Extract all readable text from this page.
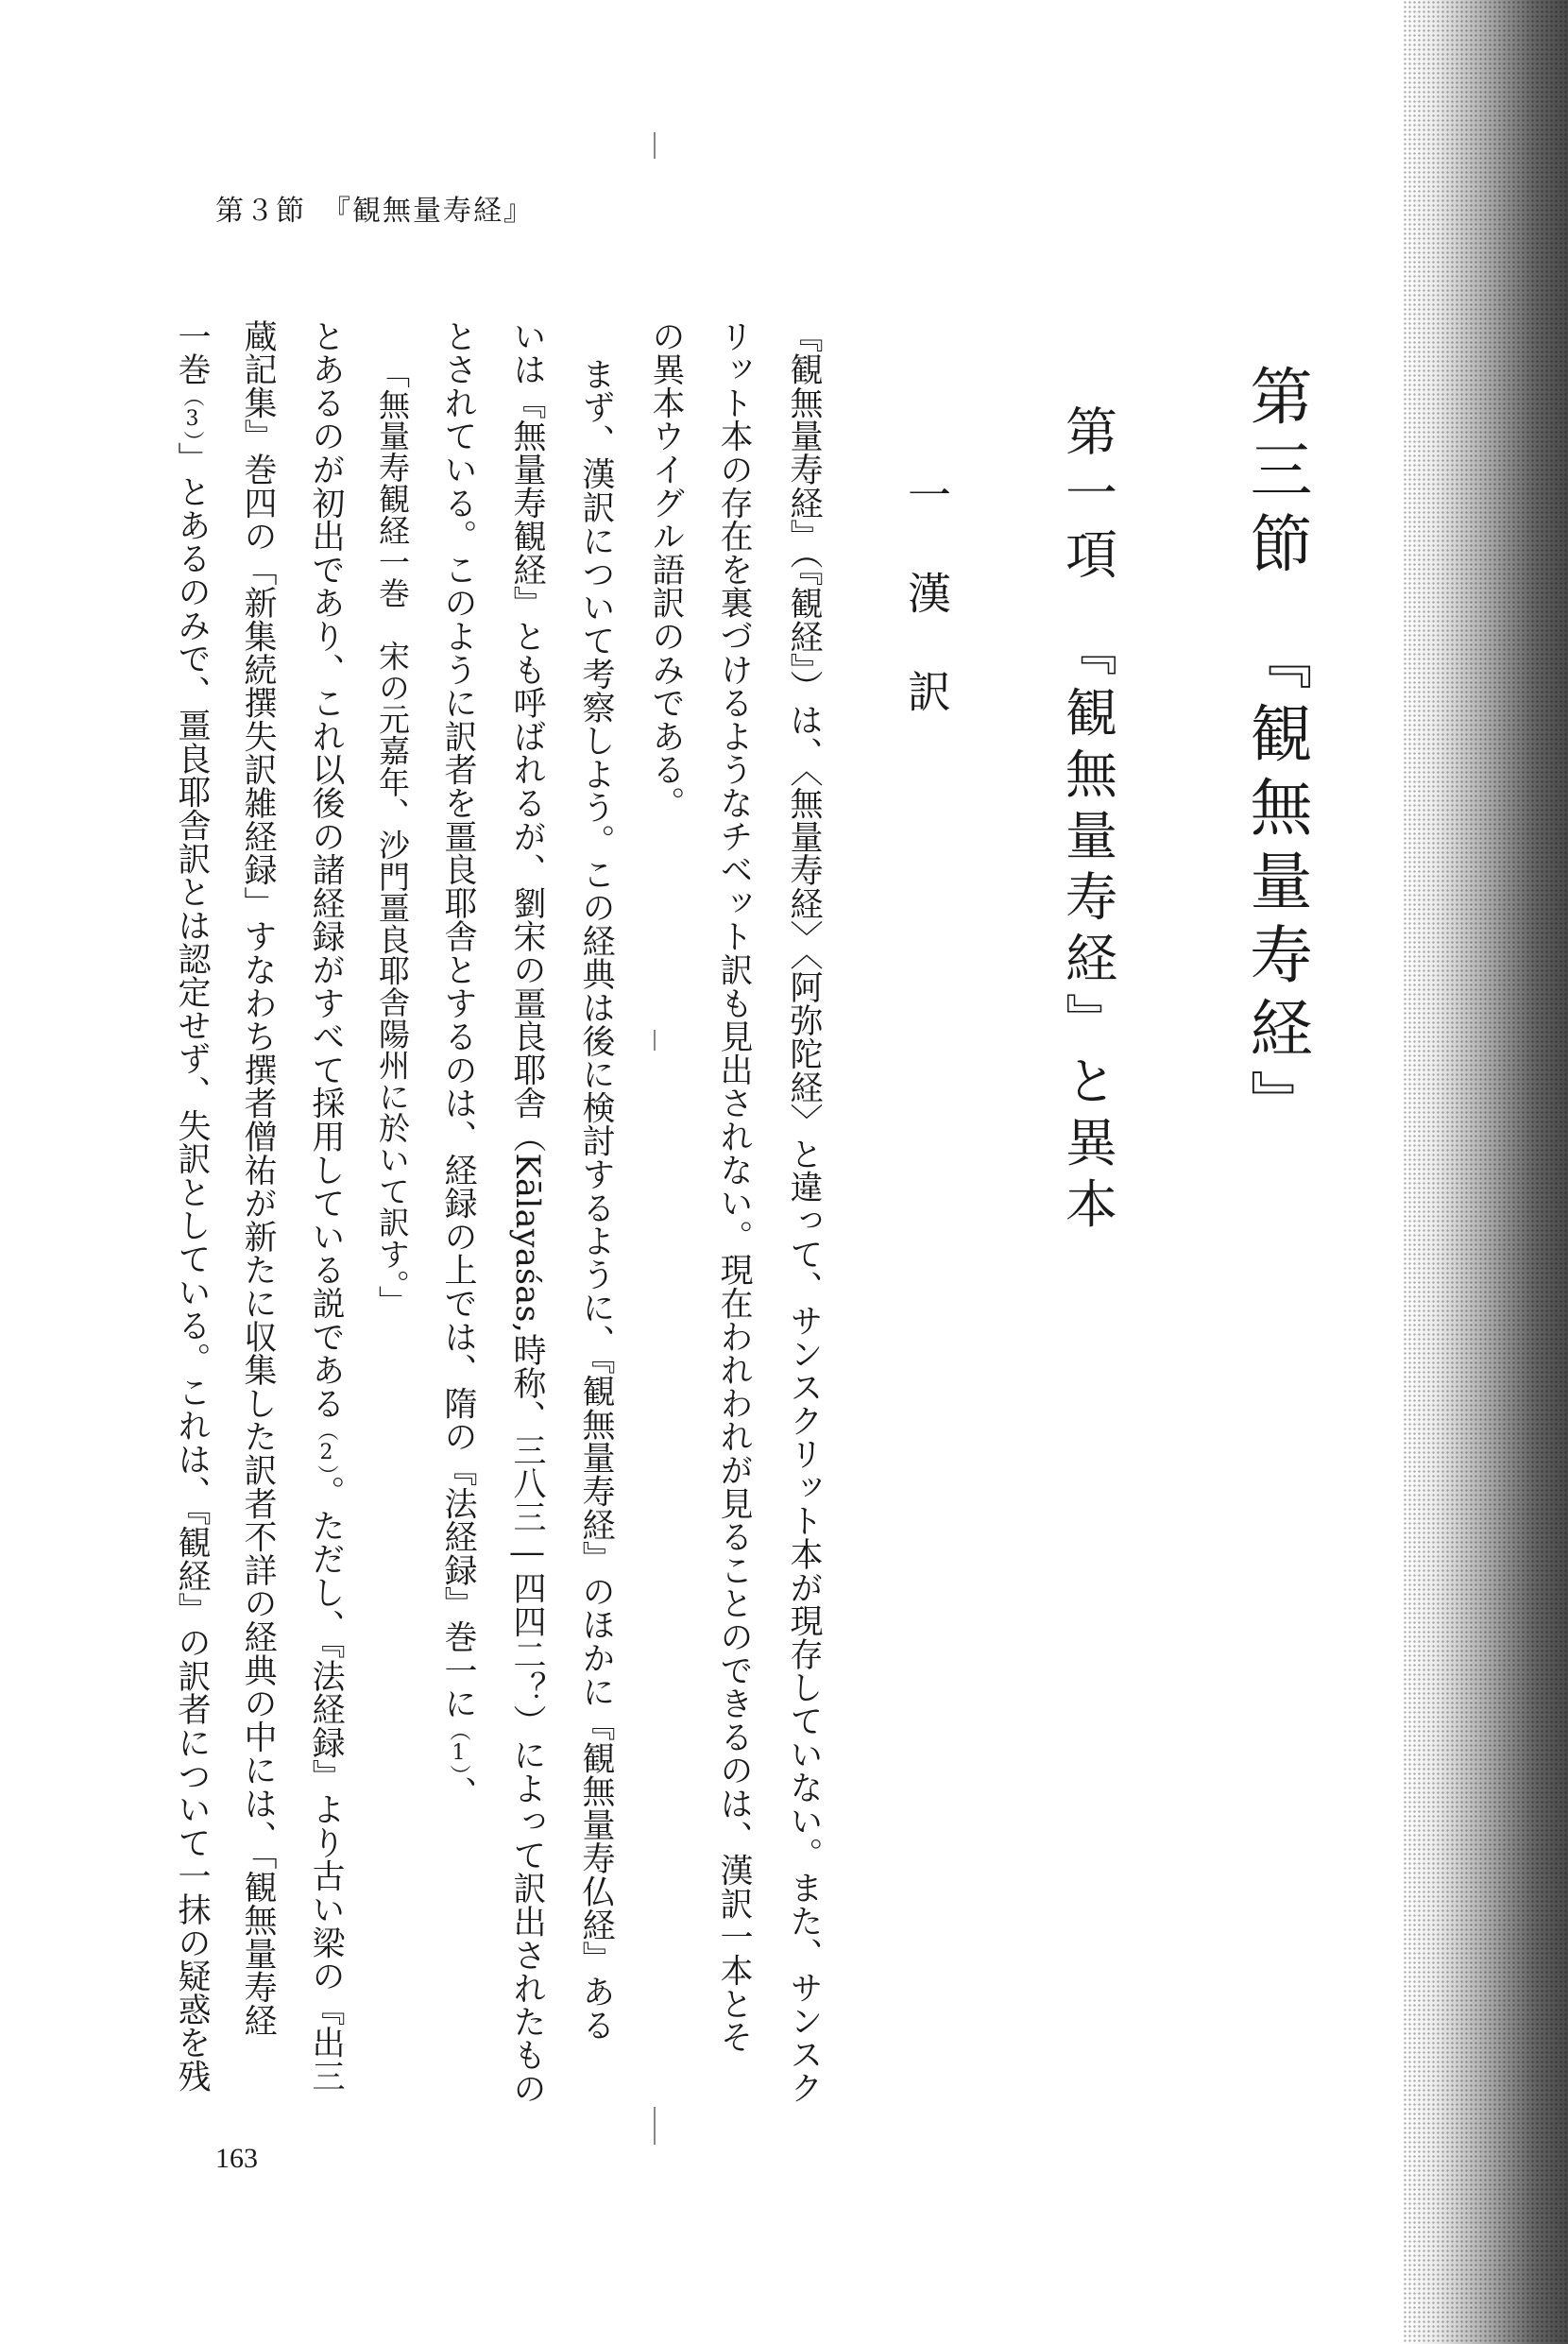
第３節　『観無量寿経』
第三節　『観無量寿経』
第一項　『観無量寿経』と異本
一漢訳
『観無量寿経』（『観経』）は、〈無量寿経〉〈阿弥陀経〉と違って、サンスクリット本が現存していない。また、サンスク
リット本の存在を裏づけるようなチベット訳も見出されない。現在われわれが見ることのできるのは、漢訳一本とそ
の異本ウイグル語訳のみである。
まず、漢訳について考察しよう。この経典は後に検討するように、『観無量寿経』のほかに『観無量寿仏経』ある
いは『無量寿観経』とも呼ばれるが、劉宋の畺良耶舎（Kālayaśas,時称、三八三―四四二？）によって訳出されたもの
とされている。このように訳者を畺良耶舎とするのは、経録の上では、隋の『法経録』巻一に（1）、
「無量寿観経一巻　宋の元嘉年、沙門畺良耶舎陽州に於いて訳す。」
とあるのが初出であり、これ以後の諸経録がすべて採用している説である（2）。ただし、『法経録』より古い梁の『出三
蔵記集』巻四の「新集続撰失訳雑経録」すなわち撰者僧祐が新たに収集した訳者不詳の経典の中には、「観無量寿経
一巻（3）」とあるのみで、畺良耶舎訳とは認定せず、失訳としている。これは、『観経』の訳者について一抹の疑惑を残
163
